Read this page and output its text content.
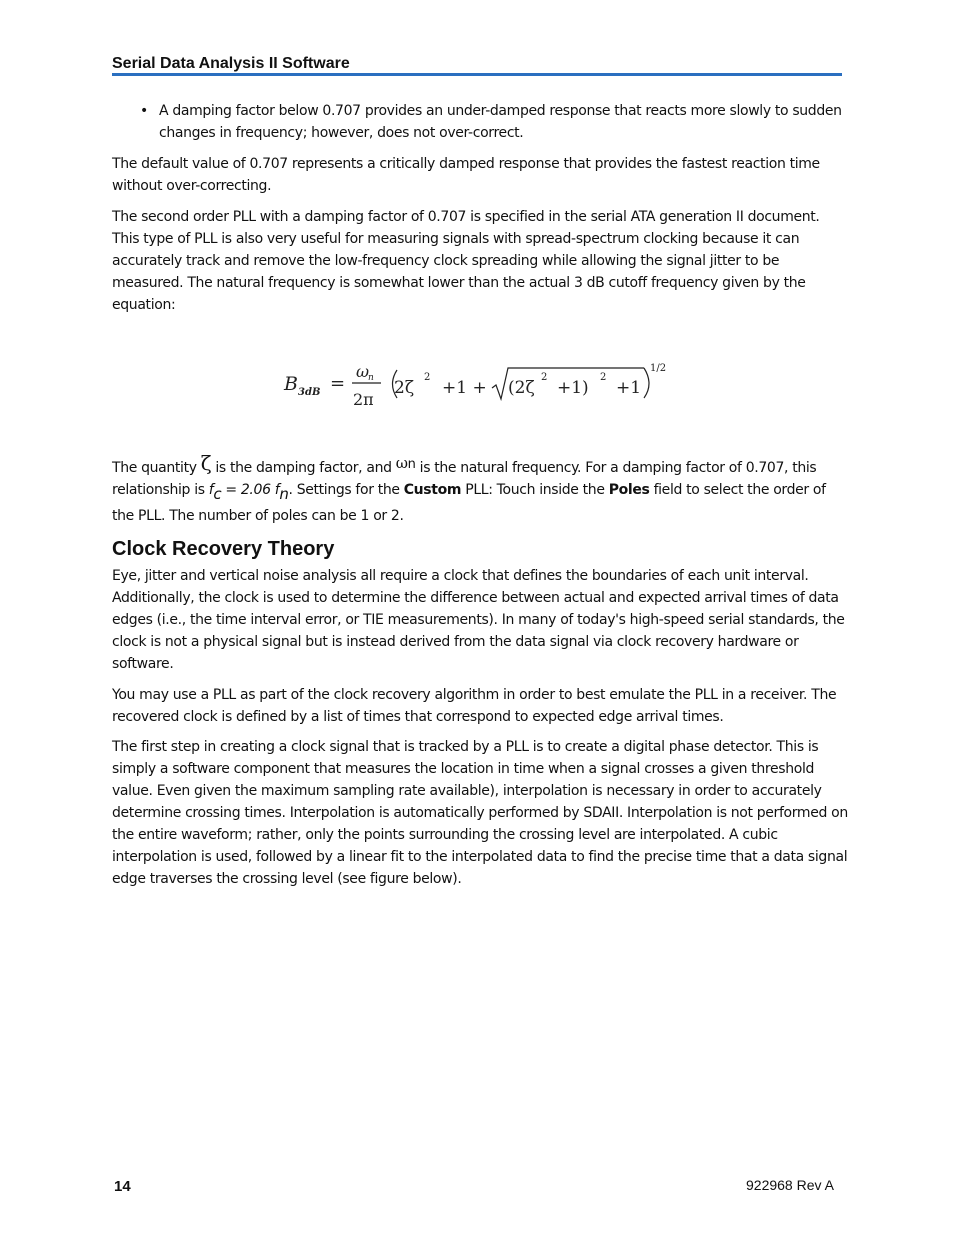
Serial Data Analysis II Software
• A damping factor below 0.707 provides an under-damped response that reacts more slowly to sudden changes in frequency; however, does not over-correct.
The default value of 0.707 represents a critically damped response that provides the fastest reaction time without over-correcting.
The second order PLL with a damping factor of 0.707 is specified in the serial ATA generation II document. This type of PLL is also very useful for measuring signals with spread-spectrum clocking because it can accurately track and remove the low-frequency clock spreading while allowing the signal jitter to be measured. The natural frequency is somewhat lower than the actual 3 dB cutoff frequency given by the equation:
B 3dB =
ω
n
2π
2ζ
2
+1 + (2ζ
2
+1)
2
+1
1/2
The quantity ζ is the damping factor, and ωn is the natural frequency. For a damping factor of 0.707, this relationship is fc = 2.06 fn. Settings for the Custom PLL: Touch inside the Poles field to select the order of the PLL. The number of poles can be 1 or 2.
Clock Recovery Theory
Eye, jitter and vertical noise analysis all require a clock that defines the boundaries of each unit interval. Additionally, the clock is used to determine the difference between actual and expected arrival times of data edges (i.e., the time interval error, or TIE measurements). In many of today's high-speed serial standards, the clock is not a physical signal but is instead derived from the data signal via clock recovery hardware or software.
You may use a PLL as part of the clock recovery algorithm in order to best emulate the PLL in a receiver. The recovered clock is defined by a list of times that correspond to expected edge arrival times.
The first step in creating a clock signal that is tracked by a PLL is to create a digital phase detector. This is simply a software component that measures the location in time when a signal crosses a given threshold value. Even given the maximum sampling rate available), interpolation is necessary in order to accurately determine crossing times. Interpolation is automatically performed by SDAII. Interpolation is not performed on the entire waveform; rather, only the points surrounding the crossing level are interpolated. A cubic interpolation is used, followed by a linear fit to the interpolated data to find the precise time that a data signal edge traverses the crossing level (see figure below).
14	922968 Rev A
